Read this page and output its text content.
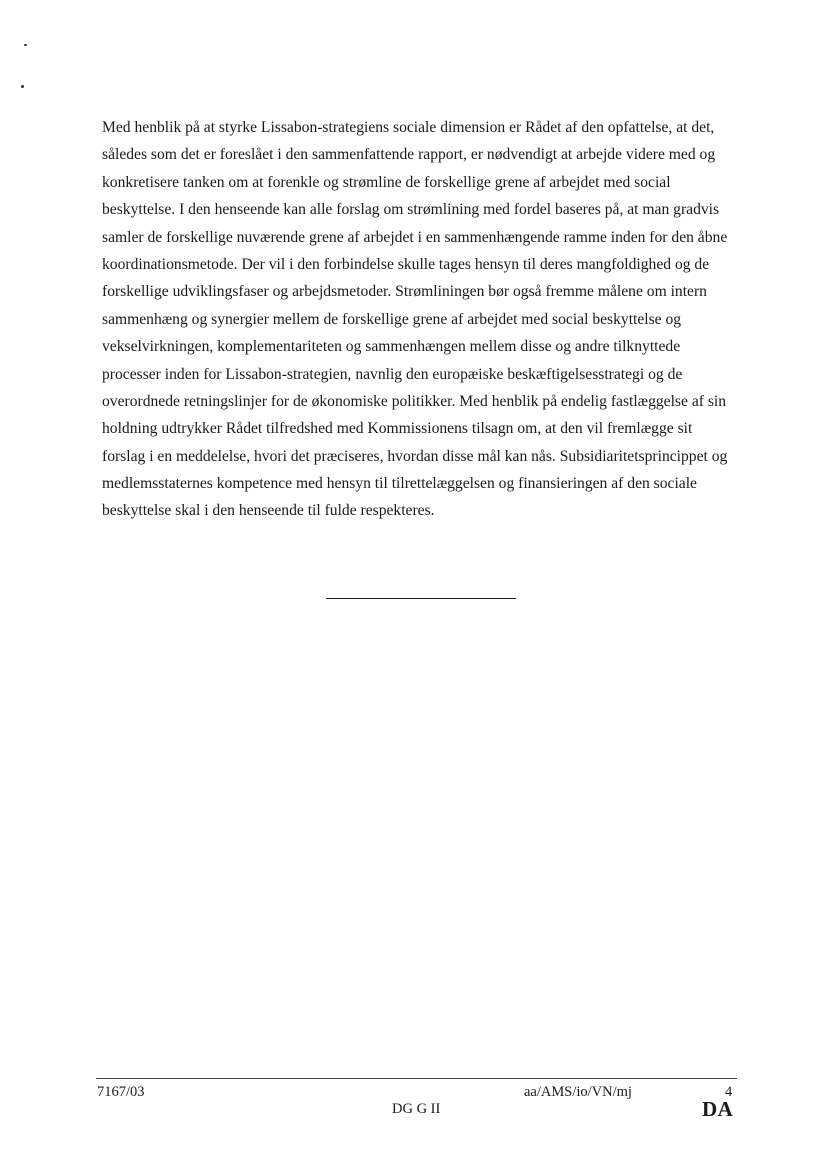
Med henblik på at styrke Lissabon-strategiens sociale dimension er Rådet af den opfattelse, at det,
således som det er foreslået i den sammenfattende rapport, er nødvendigt at arbejde videre med og
konkretisere tanken om at forenkle og strømline de forskellige grene af arbejdet med social
beskyttelse. I den henseende kan alle forslag om strømlining med fordel baseres på, at man gradvis
samler de forskellige nuværende grene af arbejdet i en sammenhængende ramme inden for den åbne
koordinationsmetode. Der vil i den forbindelse skulle tages hensyn til deres mangfoldighed og de
forskellige udviklingsfaser og arbejdsmetoder. Strømliningen bør også fremme målene om intern
sammenhæng og synergier mellem de forskellige grene af arbejdet med social beskyttelse og
vekselvirkningen, komplementariteten og sammenhængen mellem disse og andre tilknyttede
processer inden for Lissabon-strategien, navnlig den europæiske beskæftigelsesstrategi og de
overordnede retningslinjer for de økonomiske politikker. Med henblik på endelig fastlæggelse af sin
holdning udtrykker Rådet tilfredshed med Kommissionens tilsagn om, at den vil fremlægge sit
forslag i en meddelelse, hvori det præciseres, hvordan disse mål kan nås. Subsidiaritetsprincippet og
medlemsstaternes kompetence med hensyn til tilrettelæggelsen og finansieringen af den sociale
beskyttelse skal i den henseende til fulde respekteres.
7167/03	aa/AMS/io/VN/mj	4
DG G II	DA
